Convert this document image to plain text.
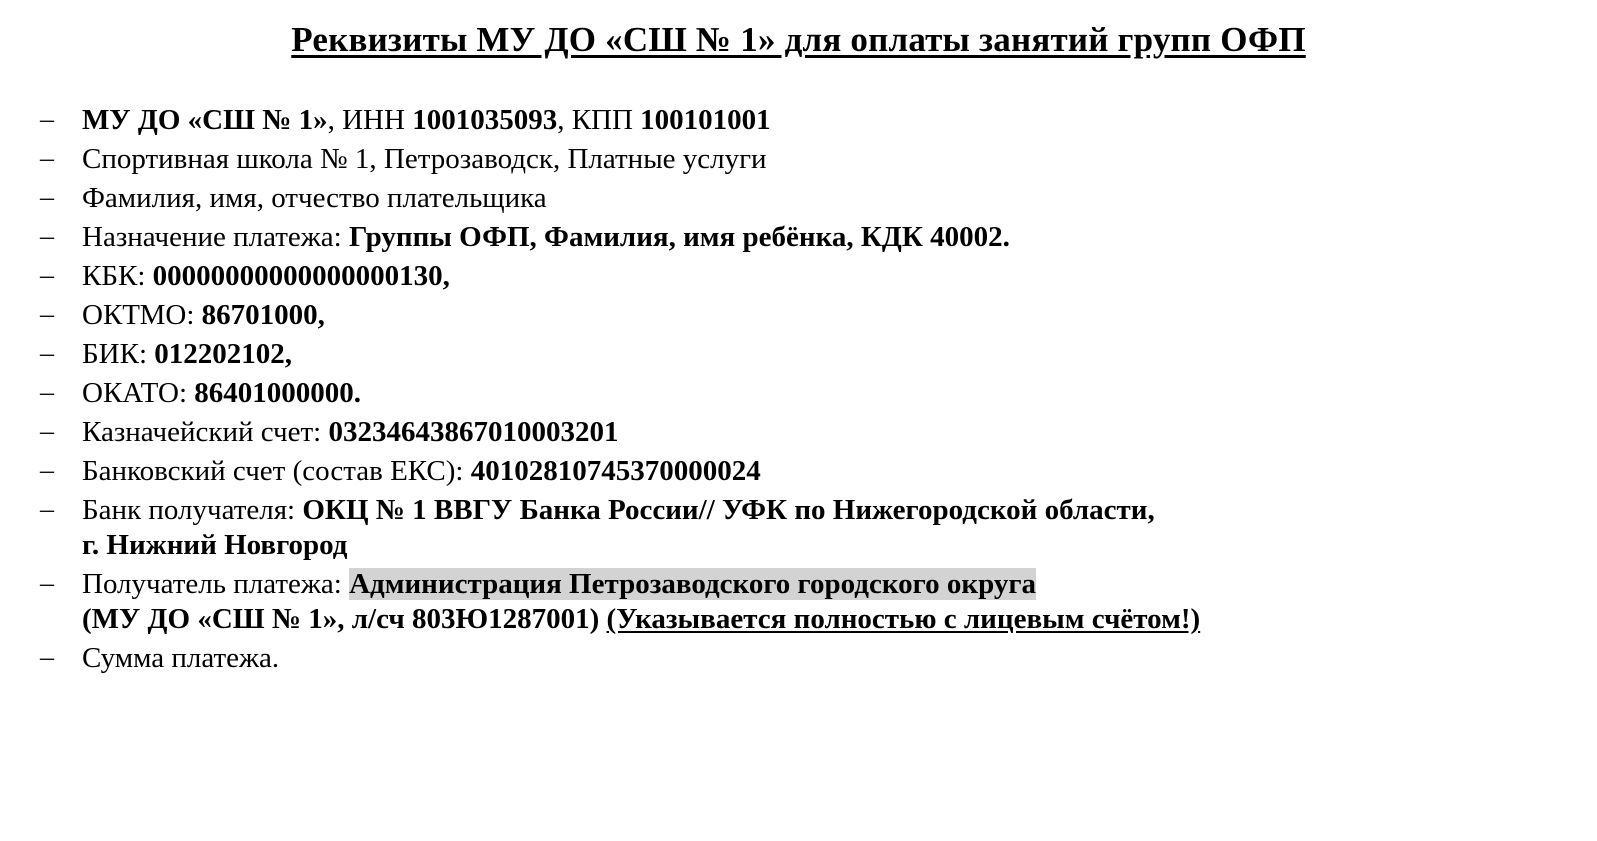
Реквизиты МУ ДО «СШ № 1» для оплаты занятий групп ОФП
– МУ ДО «СШ № 1», ИНН 1001035093, КПП 100101001
– Спортивная школа № 1, Петрозаводск, Платные услуги
– Фамилия, имя, отчество плательщика
– Назначение платежа: Группы ОФП, Фамилия, имя ребёнка, КДК 40002.
– КБК: 00000000000000000130,
– ОКТМО: 86701000,
– БИК: 012202102,
– ОКАТО: 86401000000.
– Казначейский счет: 03234643867010003201
– Банковский счет (состав ЕКС): 40102810745370000024
– Банк получателя: ОКЦ № 1 ВВГУ Банка России// УФК по Нижегородской области,
г. Нижний Новгород
– Получатель платежа: Администрация Петрозаводского городского округа
(МУ ДО «СШ № 1», л/сч 803Ю1287001) (Указывается полностью с лицевым счётом!)
– Сумма платежа.
